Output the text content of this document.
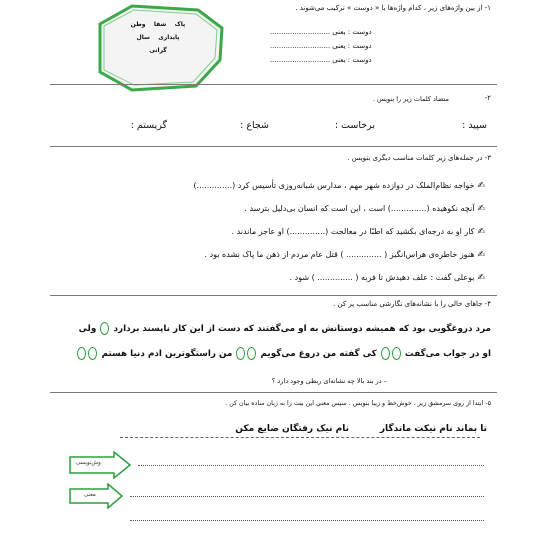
پاک    شفا    وطن
پایداری    سال
گرانی
۱- از بین واژه‌های زیر ، کدام واژه‌ها با « دوست » ترکیب می‌شوند .
دوست : یعنی ...........................
دوست : یعنی ...........................
دوست : یعنی ...........................
۲-
متضاد کلمات زیر را بنویس .
سپید :
برخاست :
شجاع :
گریستم :
۳- در جمله‌های زیر کلمات مناسب دیگری بنویس .
✍خواجه نظام‌الملک در دوازده شهر مهم ، مدارس شبانه‌روزی تأسیس کرد (..............)
✍آنچه نکوهیده (..............) است ، این است که انسان بی‌دلیل بترسد .
✍کار او به درجه‌ای بکشید که اطبّا در معالجت (..............) او عاجز ماندند .
✍هنوز خاطره‌ی هراس‌انگیز ( .............. ) قتل عام مردم از ذهن ما پاک نشده بود .
✍بوعلی گفت : علف دهیدش تا فربه ( .............. ) شود .
۴- جاهای خالی را با نشانه‌های نگارشی مناسب پر کن .
مرد دروغگویی بود که همیشه دوستانش به او می‌گفتند که دست از این کار ناپسند بردارد  ولی
او در جواب می‌گفت  کی گفته من دروغ می‌گویم  من راستگوترین ادم دنیا هستم
– در بند بالا چه نشانه‌ای ربطی وجود دارد ؟
۵- ابتدا از روی سرمشق زیر ، خوش‌خط و زیبا بنویس . سپس معنی این بیت را به زبان ساده بیان کن .
نام نیک رفتگان ضایع مکن	تا بماند نام نیکت ماندگار
وش‌نویسی
معنی
